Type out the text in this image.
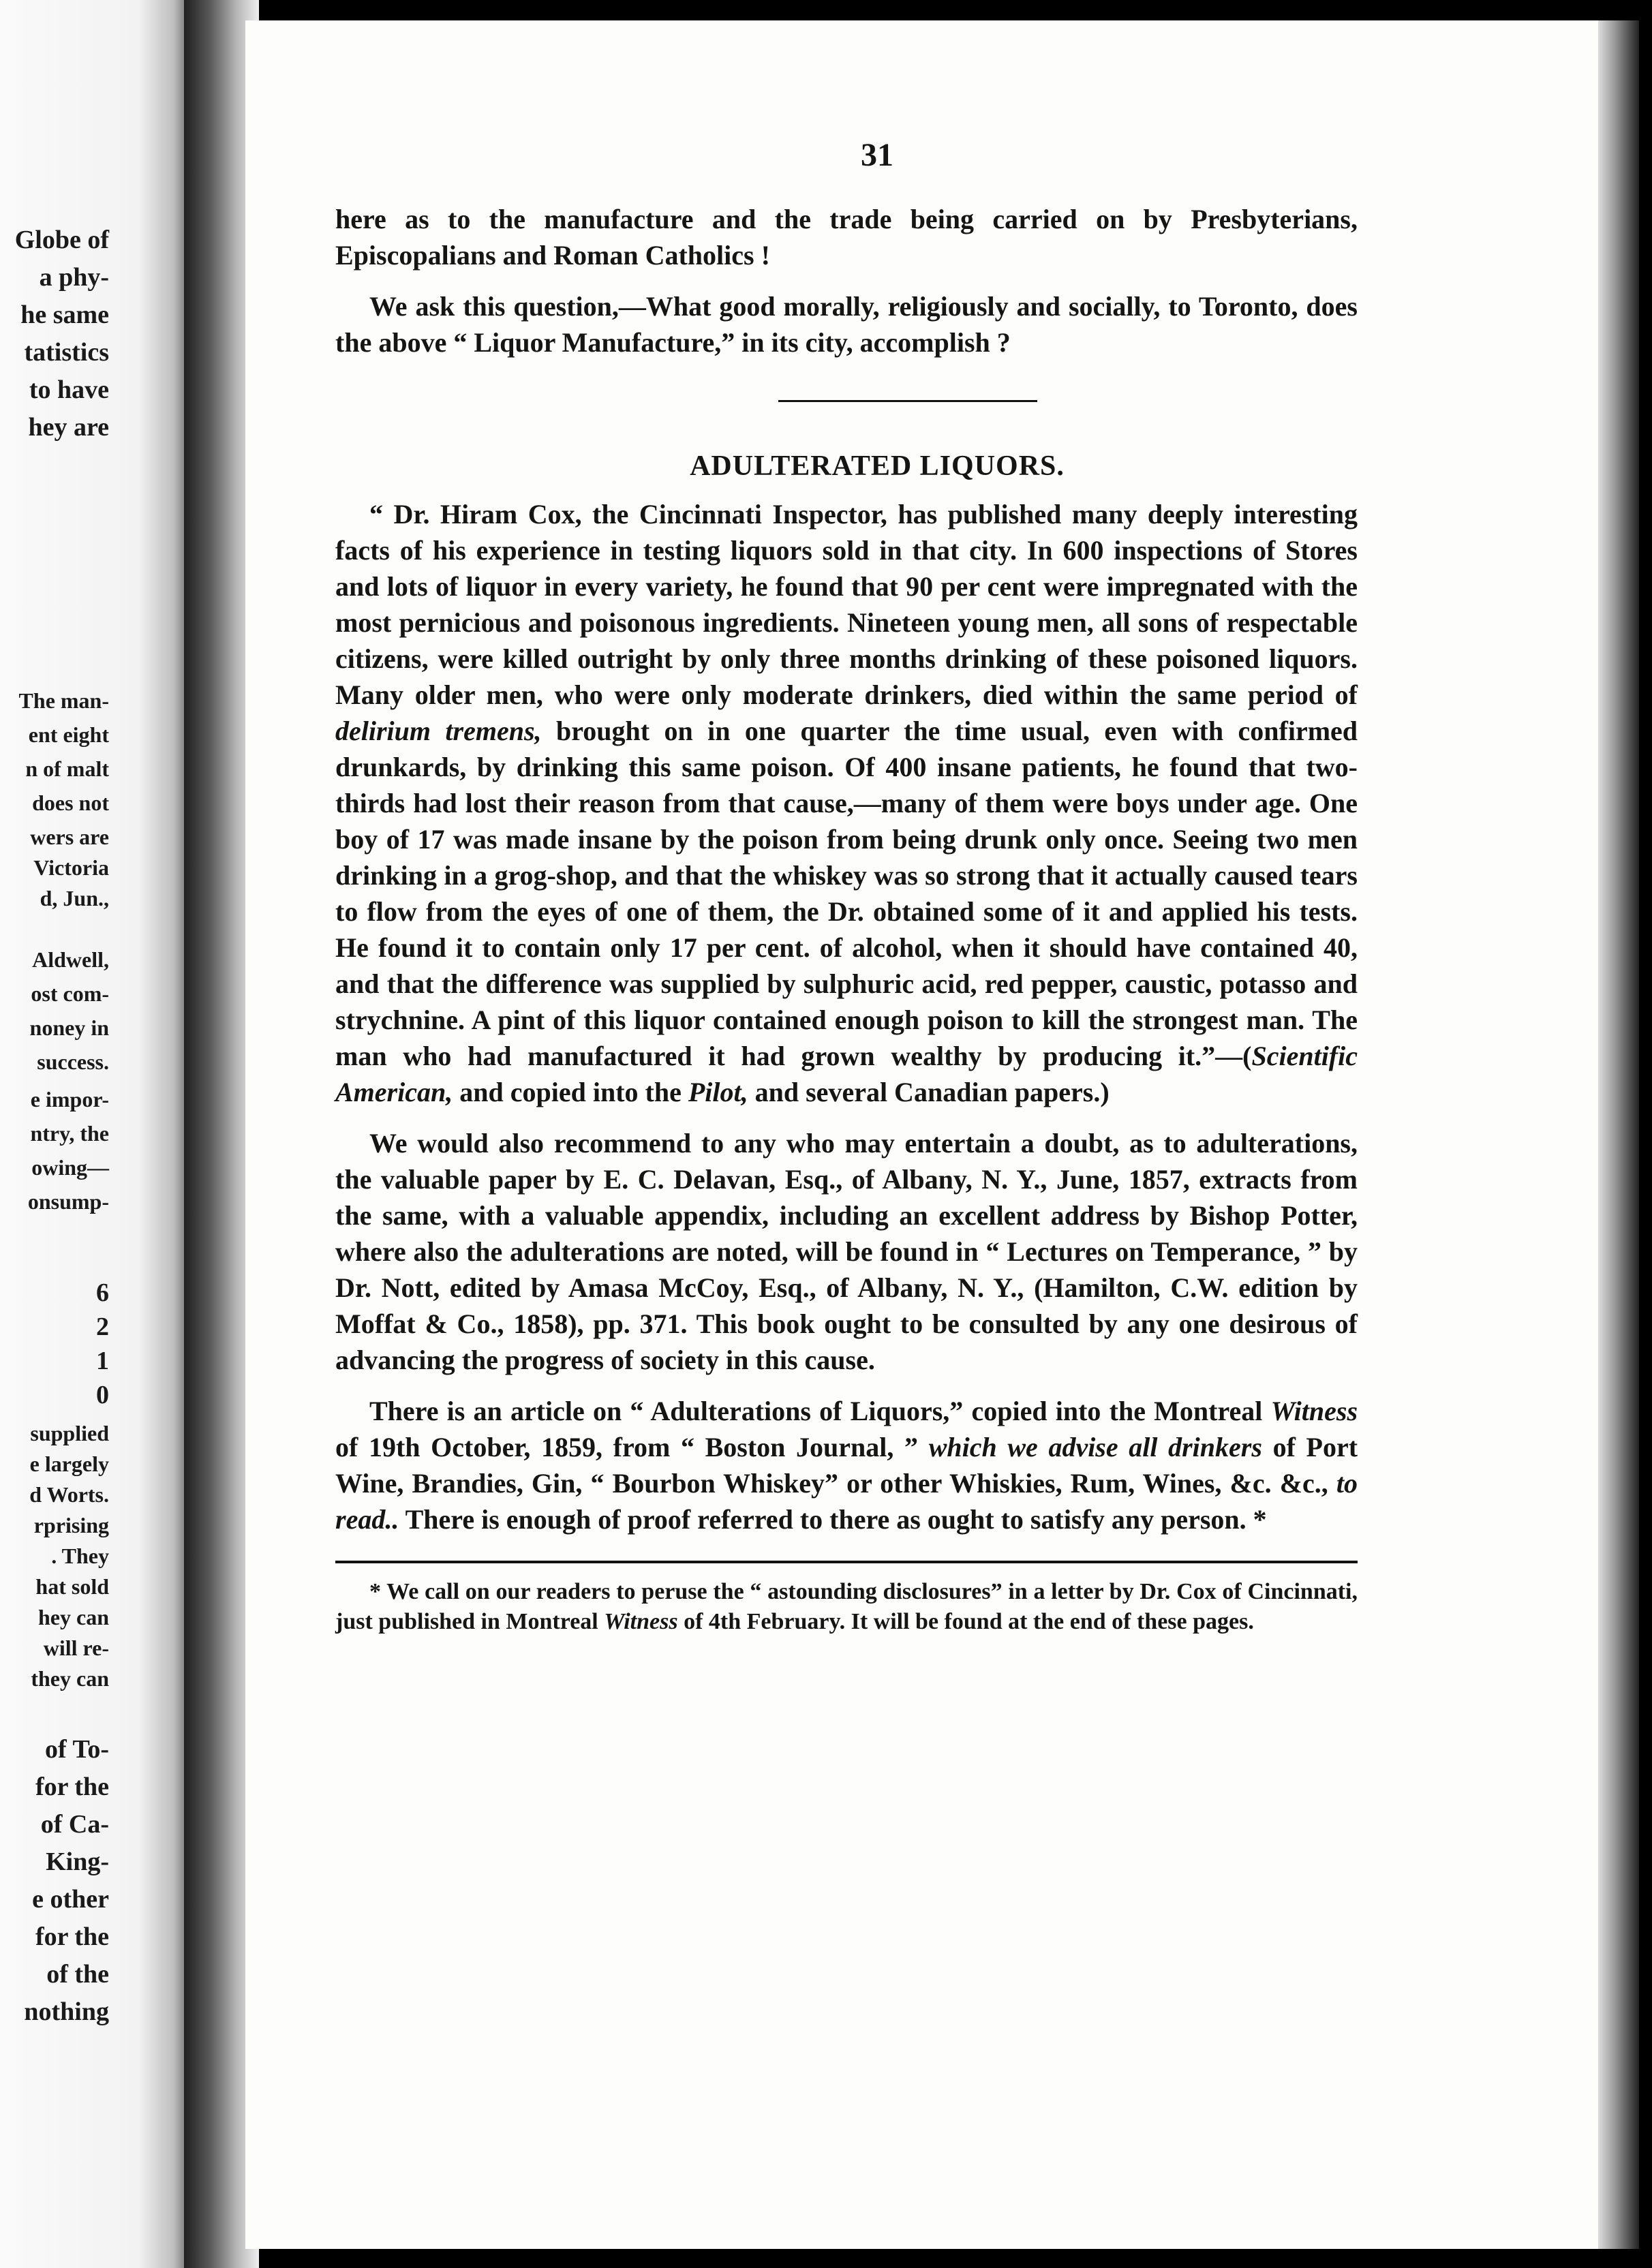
Globe of
a phy-
he same
tatistics
to have
hey are
The man-
ent eight
n of malt
does not
wers are
Victoria
d, Jun.,
Aldwell,
ost com-
noney in
success.
e impor-
ntry, the
owing—
onsump-
6
2
1
0
supplied
e largely
d Worts.
rprising
. They
hat sold
hey can
will re-
they can
of To-
for the
of Ca-
King-
e other
for the
of the
nothing
31

here as to the manufacture and the trade being carried on by Presbyterians, Episcopalians and Roman Catholics !

We ask this question,—What good morally, religiously and socially, to Toronto, does the above “ Liquor Manufacture,” in its city, accomplish ?

ADULTERATED LIQUORS.

“ Dr. Hiram Cox, the Cincinnati Inspector, has published many deeply interesting facts of his experience in testing liquors sold in that city. In 600 inspections of Stores and lots of liquor in every variety, he found that 90 per cent were impregnated with the most pernicious and poisonous ingredients. Nineteen young men, all sons of respectable citizens, were killed outright by only three months drinking of these poisoned liquors. Many older men, who were only moderate drinkers, died within the same period of delirium tremens, brought on in one quarter the time usual, even with confirmed drunkards, by drinking this same poison. Of 400 insane patients, he found that two-thirds had lost their reason from that cause,—many of them were boys under age. One boy of 17 was made insane by the poison from being drunk only once. Seeing two men drinking in a grog-shop, and that the whiskey was so strong that it actually caused tears to flow from the eyes of one of them, the Dr. obtained some of it and applied his tests. He found it to contain only 17 per cent. of alcohol, when it should have contained 40, and that the difference was supplied by sulphuric acid, red pepper, caustic, potasso and strychnine. A pint of this liquor contained enough poison to kill the strongest man. The man who had manufactured it had grown wealthy by producing it.”—(Scientific American, and copied into the Pilot, and several Canadian papers.)

We would also recommend to any who may entertain a doubt, as to adulterations, the valuable paper by E. C. Delavan, Esq., of Albany, N. Y., June, 1857, extracts from the same, with a valuable appendix, including an excellent address by Bishop Potter, where also the adulterations are noted, will be found in “ Lectures on Temperance, ” by Dr. Nott, edited by Amasa McCoy, Esq., of Albany, N. Y., (Hamilton, C.W. edition by Moffat & Co., 1858), pp. 371. This book ought to be consulted by any one desirous of advancing the progress of society in this cause.

There is an article on “ Adulterations of Liquors,” copied into the Montreal Witness of 19th October, 1859, from “ Boston Journal, ” which we advise all drinkers of Port Wine, Brandies, Gin, “ Bourbon Whiskey” or other Whiskies, Rum, Wines, &c. &c., to read.. There is enough of proof referred to there as ought to satisfy any person. *

* We call on our readers to peruse the “ astounding disclosures” in a letter by Dr. Cox of Cincinnati, just published in Montreal Witness of 4th February. It will be found at the end of these pages.
